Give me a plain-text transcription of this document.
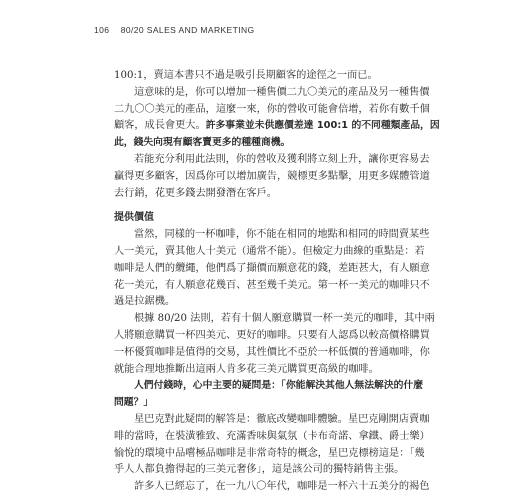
106 80/20 SALES AND MARKETING
100:1，賣這本書只不過是吸引長期顧客的途徑之一而已。
這意味的是，你可以增加一種售價二九〇美元的產品及另一種售價
二九〇〇美元的產品，這麼一來，你的營收可能會倍增，若你有數千個
顧客，成長會更大。許多事業並未供應價差達 100:1 的不同種類產品，因
此，錢失向現有顧客賣更多的種種商機。
若能充分利用此法則，你的營收及獲利將立刻上升，讓你更容易去
贏得更多顧客，因爲你可以增加廣告，競標更多點擊，用更多媒體管道
去行銷，花更多錢去開發潛在客戶。
提供價值
當然，同樣的一杯咖啡，你不能在相同的地點和相同的時間賣某些
人一美元，賣其他人十美元（通常不能）。但檢定力曲線的重點是：若
咖啡是人們的纜繩，他們爲了擷價而願意花的錢，差距甚大，有人願意
花一美元，有人願意花幾百、甚至幾千美元。第一杯一美元的咖啡只不
過是拉鋸機。
根據 80/20 法則，若有十個人願意購買一杯一美元的咖啡，其中兩
人將願意購買一杯四美元、更好的咖啡。只要有人認爲以較高價格購買
一杯優質咖啡是值得的交易，其性價比不亞於一杯低價的普通咖啡，你
就能合理地推斷出這兩人肯多花三美元購買更高級的咖啡。
人們付錢時，心中主要的疑問是：「你能解決其他人無法解決的什麼
問題？」
星巴克對此疑問的解答是：徹底改變咖啡體驗。星巴克剛開店賣咖
啡的當時，在裝潢雅致、充滿香味與氣氛（卡布奇諾、拿鐵、爵士樂）
愉悅的環境中品嚐極品咖啡是非常奇特的概念，星巴克標榜這是：「幾
乎人人都負擔得起的三美元奢侈」，這是該公司的獨特銷售主張。
許多人已經忘了，在一九八〇年代，咖啡是一杯六十五美分的褐色
